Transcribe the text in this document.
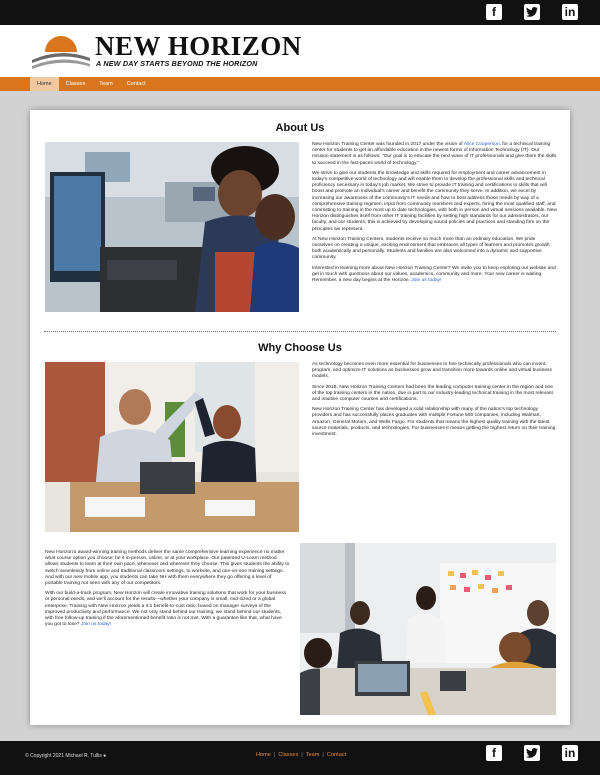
f	in
NEW HORIZON
A NEW DAY STARTS BEYOND THE HORIZON
Home	Classes	Team	Contact
About Us

New Horizon Training Center was founded in 2017 under the vision of Alice Cooperson. for a technical training center for students to get an affordable education in the newest forms of Information Technology (IT). Our mission statement is as follows: "Our goal is to educate the next wave of IT professionals and give them the skills to succeed in the fast-paces world of technology."

We strive to give our students the knowledge and skills required for employment and career advancement in today's competitive world of technology and will enable them to develop the professional skills and technical proficiency necessary in today's job market. We strive to provide IT training and certifications in skills that will boost and promote an individual's career and benefit the community they serve. In addition, we excel by increasing our awareness of the community's IT needs and how to best address those needs by way of a comprehensive training regimen, input from community members and experts, hiring the most qualified staff, and committing to training in the most up to date technologies, with both in person and virtual sessions available. New Horizon distinguishes itself from other IT training facilities by setting high standards for our administrators, our faculty, and our students; this is achieved by developing sound policies and practices and standing firm on the principles we represent.

At New Horizon Training Centers, students receive so much more than an ordinary education. We pride ourselves on creating a unique, exciting environment that embraces all types of learners and promotes growth both academically and personally. Students and families are also welcomed into a dynamic and supportive community.

Interested in learning more about New Horizon Training Center? We invite you to keep exploring our website and get in touch with questions about our values, academics, community and more. Your new career is waiting. Remember, a new day begins at the Horizon. Join us today!

Why Choose Us

As technology becomes even more essential for businesses to hire technically professionals who can invent, program, and optimize IT solutions as businesses grow and transition more towards online and virtual business models.

Since 2018, New Horizon Training Centers had been the leading computer training center in the region and one of the top training centers in the nation, due in part to our industry-leading technical training in the most relevant and intuitive computer courses and certifications.

New Horizon Training Center has developed a solid relationship with many of the nation's top technology providers and has successfully places graduates with multiple Fortune 500 companies, including Walmart, Amazon, General Motors, and Wells Fargo. For students that means the highest quality training with the latest source materials, products, and technologies. For businesses it means getting the highest return on their training investment.

New Horizon's award-winning training methods deliver the same comprehensive learning experience no matter what course option you choose; be it in-person, online, or at your workplace. Our patented U-Learn method allows students to learn at their own pace, whenever and wherever they choose. This gives students the ability to switch seamlessly from online and traditional classroom settings, to worksite, and one-on-one training settings. And with our new mobile app, you students can take NH with them everywhere they go offering a level of portable training not seen with any of our competitors.

With our build-a-track program, New Horizon will create innovative training solutions that work for your business or personal needs, and we'll account for the results—whether your company is small, mid-sized or a global enterprise. Training with New Horizon yields a 4:1 benefit-to-cost ratio, based on manager surveys of the improved productivity and performance. We not only stand behind our training, we stand behind our students, with free follow-up training if the aforementioned benefit ratio is not met. With a guarantee like that, what have you got to lose? Join us today!

© Copyright 2021 Michael R. Tullis ●	Home | Classes | Team | Contact	f	in
